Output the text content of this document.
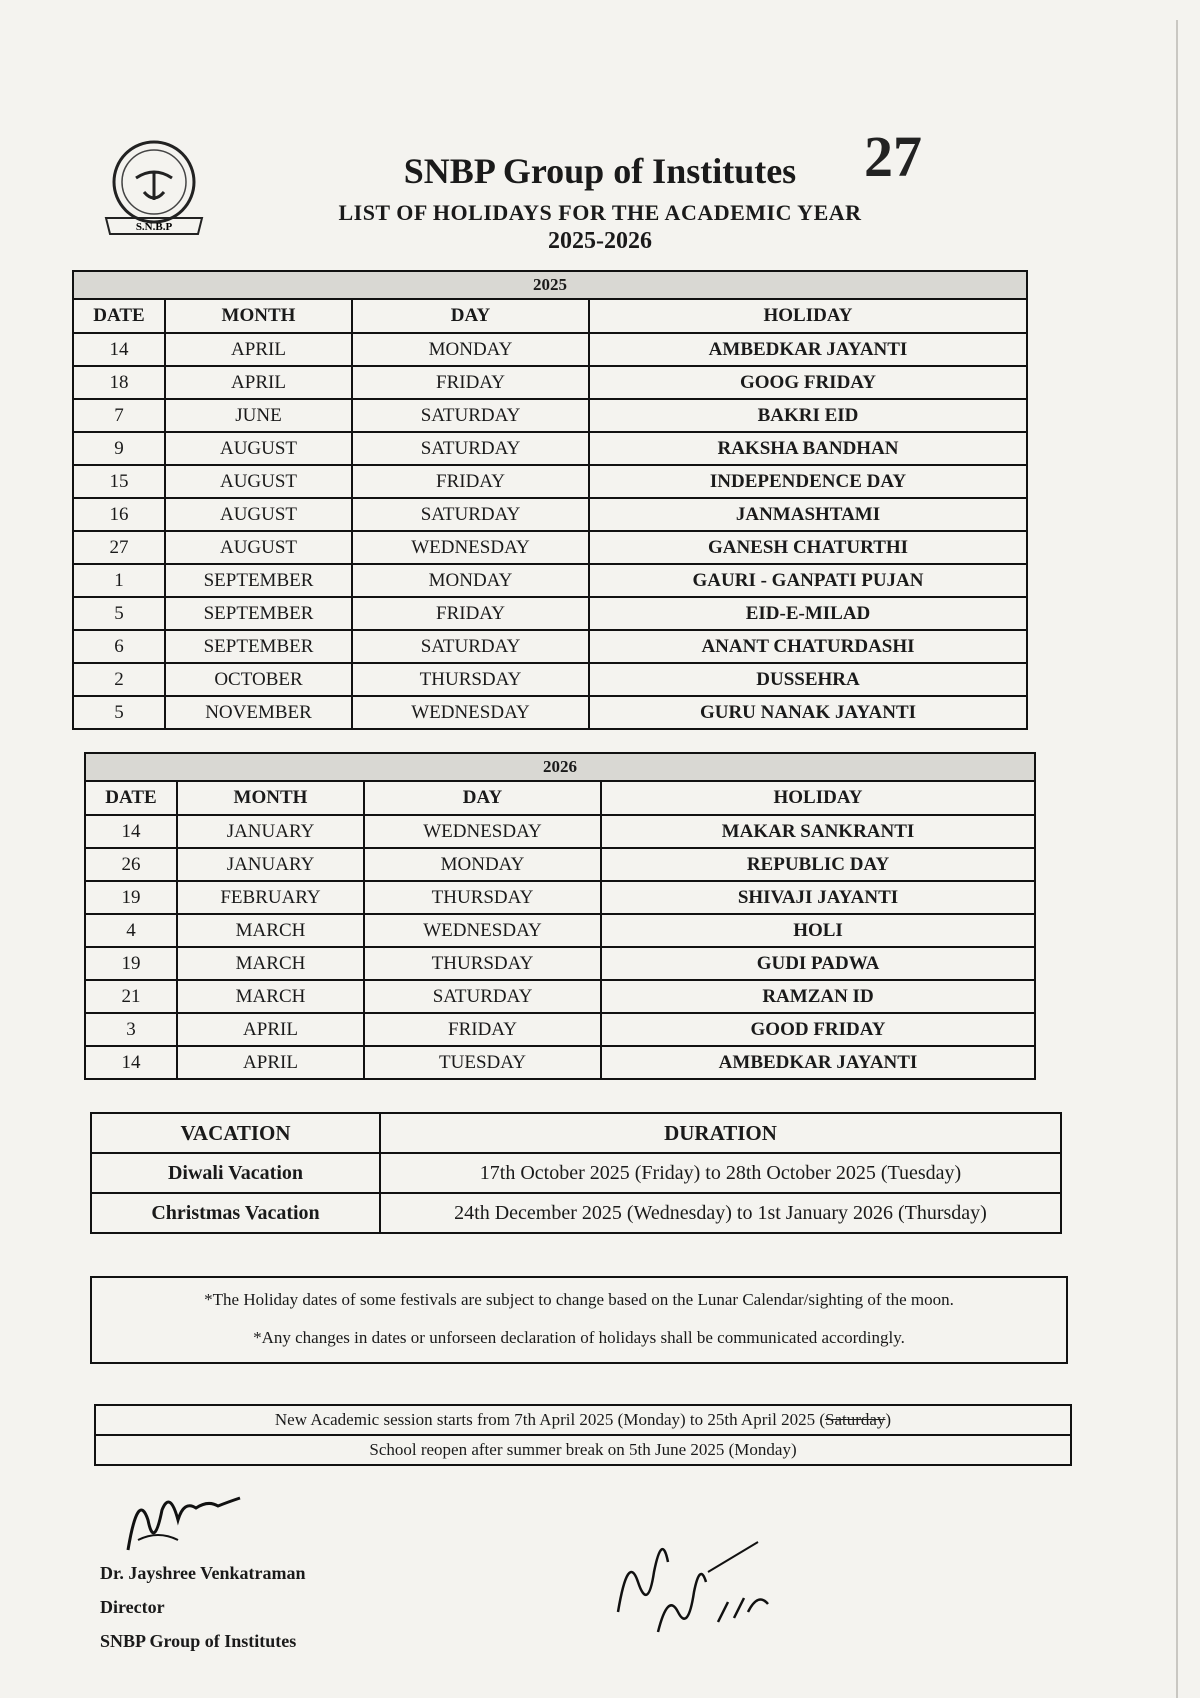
S.N.B.P
27
SNBP Group of Institutes
LIST OF HOLIDAYS FOR THE ACADEMIC YEAR
2025-2026
2025			
DATE	MONTH	DAY	HOLIDAY
14	APRIL	MONDAY	AMBEDKAR JAYANTI
18	APRIL	FRIDAY	GOOG FRIDAY
7	JUNE	SATURDAY	BAKRI EID
9	AUGUST	SATURDAY	RAKSHA BANDHAN
15	AUGUST	FRIDAY	INDEPENDENCE DAY
16	AUGUST	SATURDAY	JANMASHTAMI
27	AUGUST	WEDNESDAY	GANESH CHATURTHI
1	SEPTEMBER	MONDAY	GAURI - GANPATI PUJAN
5	SEPTEMBER	FRIDAY	EID-E-MILAD
6	SEPTEMBER	SATURDAY	ANANT CHATURDASHI
2	OCTOBER	THURSDAY	DUSSEHRA
5	NOVEMBER	WEDNESDAY	GURU NANAK JAYANTI
2026			
DATE	MONTH	DAY	HOLIDAY
14	JANUARY	WEDNESDAY	MAKAR SANKRANTI
26	JANUARY	MONDAY	REPUBLIC DAY
19	FEBRUARY	THURSDAY	SHIVAJI JAYANTI
4	MARCH	WEDNESDAY	HOLI
19	MARCH	THURSDAY	GUDI PADWA
21	MARCH	SATURDAY	RAMZAN ID
3	APRIL	FRIDAY	GOOD FRIDAY
14	APRIL	TUESDAY	AMBEDKAR JAYANTI
VACATION	DURATION
Diwali Vacation	17th October 2025 (Friday) to 28th October 2025 (Tuesday)
Christmas Vacation	24th December 2025 (Wednesday) to 1st January 2026 (Thursday)

*The Holiday dates of some festivals are subject to change based on the Lunar Calendar/sighting of the moon.

*Any changes in dates or unforseen declaration of holidays shall be communicated accordingly.

New Academic session starts from 7th April 2025 (Monday) to 25th April 2025 (Saturday)
School reopen after summer break on 5th June 2025 (Monday)
Dr. Jayshree Venkatraman
Director
SNBP Group of Institutes
